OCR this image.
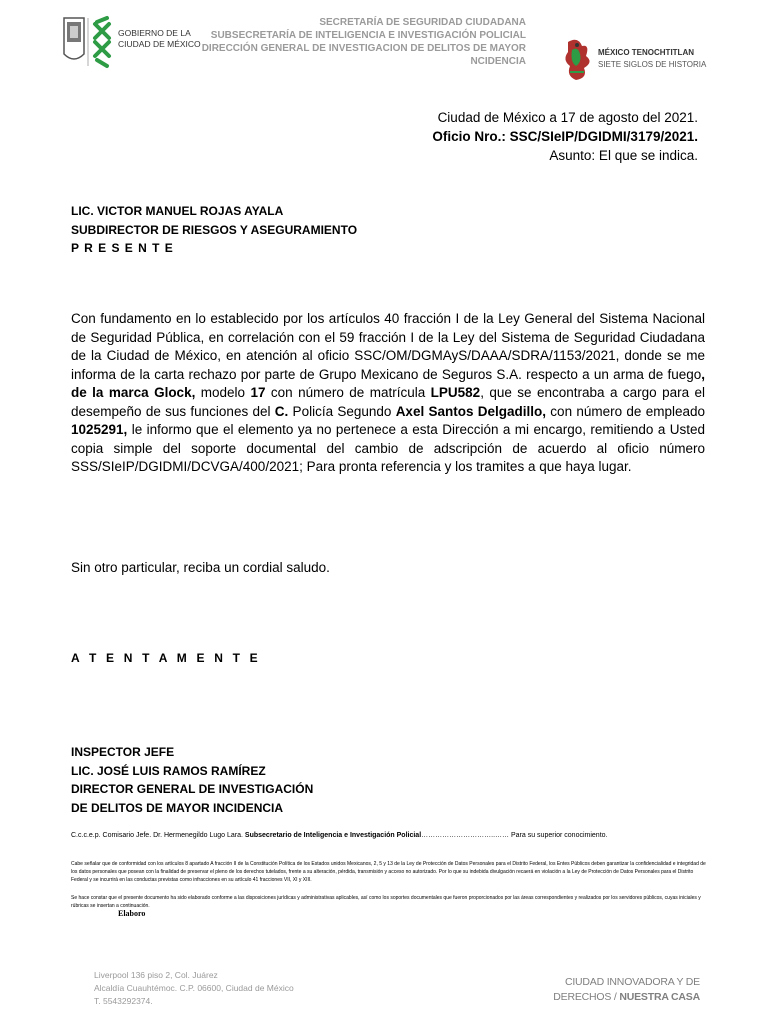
GOBIERNO DE LA
CIUDAD DE MÉXICO
SECRETARÍA DE SEGURIDAD CIUDADANA
SUBSECRETARÍA DE INTELIGENCIA E INVESTIGACIÓN POLICIAL
DIRECCIÓN GENERAL DE INVESTIGACION DE DELITOS DE MAYOR NCIDENCIA
MÉXICO TENOCHTITLAN
SIETE SIGLOS DE HISTORIA
Ciudad de México a 17 de agosto del 2021.
Oficio Nro.: SSC/SIeIP/DGIDMI/3179/2021.
Asunto: El que se indica.
LIC. VICTOR MANUEL ROJAS AYALA
SUBDIRECTOR DE RIESGOS Y ASEGURAMIENTO
P R E S E N T E
Con fundamento en lo establecido por los artículos 40 fracción I de la Ley General del Sistema Nacional de Seguridad Pública, en correlación con el 59 fracción I de la Ley del Sistema de Seguridad Ciudadana de la Ciudad de México, en atención al oficio SSC/OM/DGMAyS/DAAA/SDRA/1153/2021, donde se me informa de la carta rechazo por parte de Grupo Mexicano de Seguros S.A. respecto a un arma de fuego, de la marca Glock, modelo 17 con número de matrícula LPU582, que se encontraba a cargo para el desempeño de sus funciones del C. Policía Segundo Axel Santos Delgadillo, con número de empleado 1025291, le informo que el elemento ya no pertenece a esta Dirección a mi encargo, remitiendo a Usted copia simple del soporte documental del cambio de adscripción de acuerdo al oficio número SSS/SIeIP/DGIDMI/DCVGA/400/2021; Para pronta referencia y los tramites a que haya lugar.
Sin otro particular, reciba un cordial saludo.
A T E N T A M E N T E
INSPECTOR JEFE
LIC. JOSÉ LUIS RAMOS RAMÍREZ
DIRECTOR GENERAL DE INVESTIGACIÓN
DE DELITOS DE MAYOR INCIDENCIA
C.c.c.e.p. Comisario Jefe. Dr. Hermenegildo Lugo Lara. Subsecretario de Inteligencia e Investigación Policial…………………………..…… Para su superior conocimiento.
Cabe señalar que de conformidad con los artículos 8 apartado A fracción II de la Constitución Política de los Estados unidos Mexicanos, 2, 5 y 13 de la Ley de Protección de Datos Personales para el Distrito Federal, los Entes Públicos deben garantizar la confidencialidad e integridad de los datos personales que posean con la finalidad de preservar el pleno de los derechos tutelados, frente a su alteración, pérdida, transmisión y acceso no autorizado. Por lo que su indebida divulgación recaerá en violación a la Ley de Protección de Datos Personales para el Distrito Federal y se incurrirá en las conductas previstas como infracciones en su artículo 41 fracciones VII, XI y XIII.
Se hace constar que el presente documento ha sido elaborado conforme a las disposiciones jurídicas y administrativas aplicables, así como los soportes documentales que fueron proporcionados por las áreas correspondientes y realizados por los servidores públicos, cuyas iniciales y rúbricas se insertan a continuación.
Elaboro
Liverpool 136 piso 2, Col. Juárez
Alcaldía Cuauhtémoc. C.P. 06600, Ciudad de México
T. 5543292374.
CIUDAD INNOVADORA Y DE
DERECHOS / NUESTRA CASA
